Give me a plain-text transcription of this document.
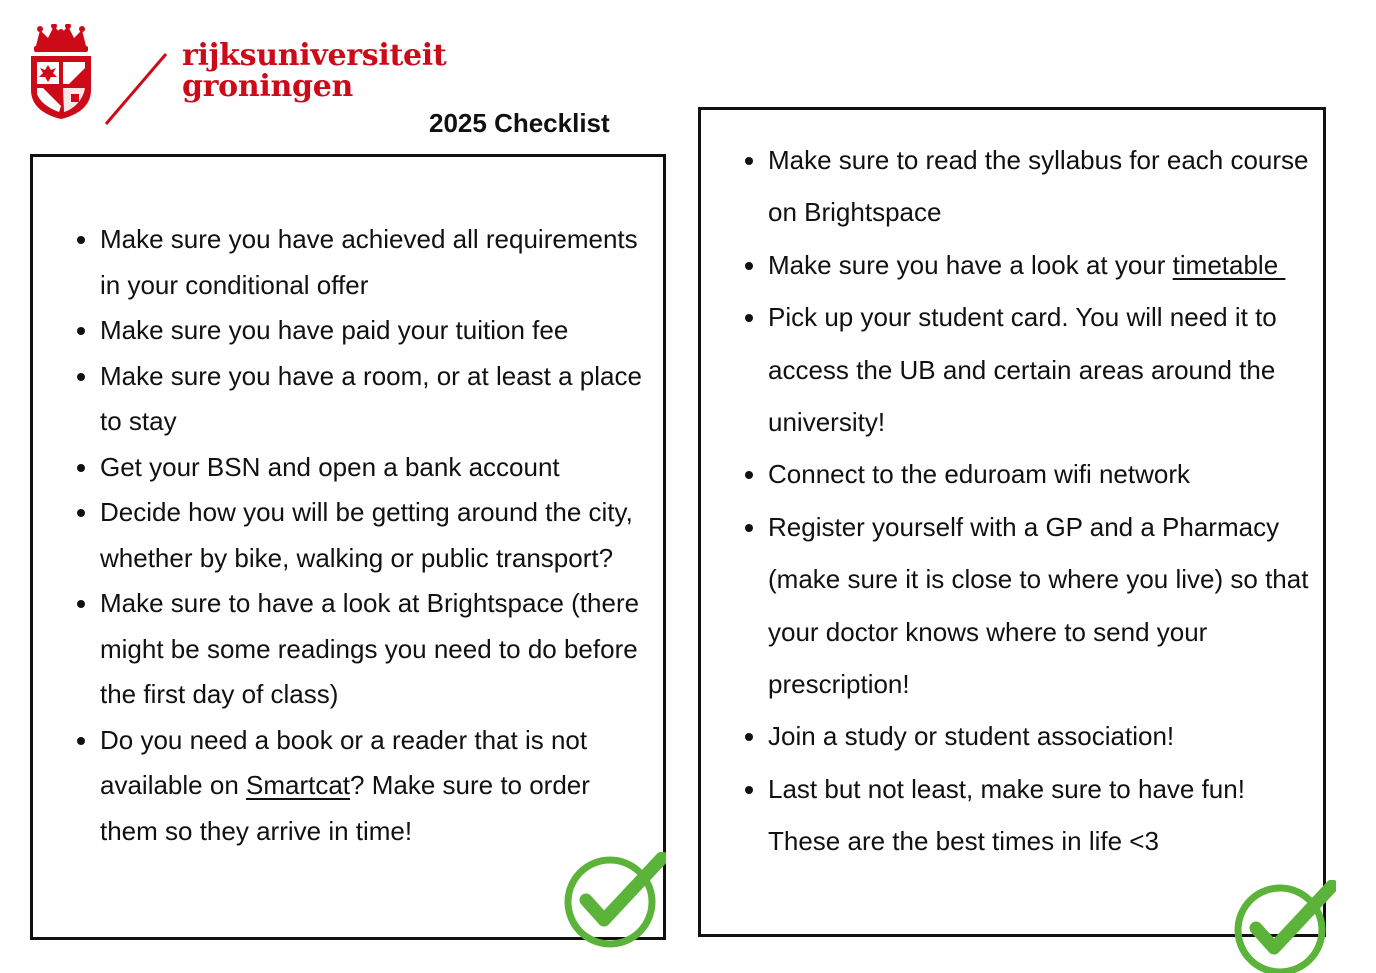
rijksuniversiteit
groningen
2025 Checklist
Make sure you have achieved all requirements in your conditional offer
Make sure you have paid your tuition fee
Make sure you have a room, or at least a place to stay
Get your BSN and open a bank account
Decide how you will be getting around the city, whether by bike, walking or public transport?
Make sure to have a look at Brightspace (there might be some readings you need to do before the first day of class)
Do you need a book or a reader that is not available on Smartcat? Make sure to order them so they arrive in time!
Make sure to read the syllabus for each course on Brightspace
Make sure you have a look at your timetable
Pick up your student card. You will need it to access the UB and certain areas around the university!
Connect to the eduroam wifi network
Register yourself with a GP and a Pharmacy (make sure it is close to where you live) so that your doctor knows where to send your prescription!
Join a study or student association!
Last but not least, make sure to have fun! These are the best times in life <3
